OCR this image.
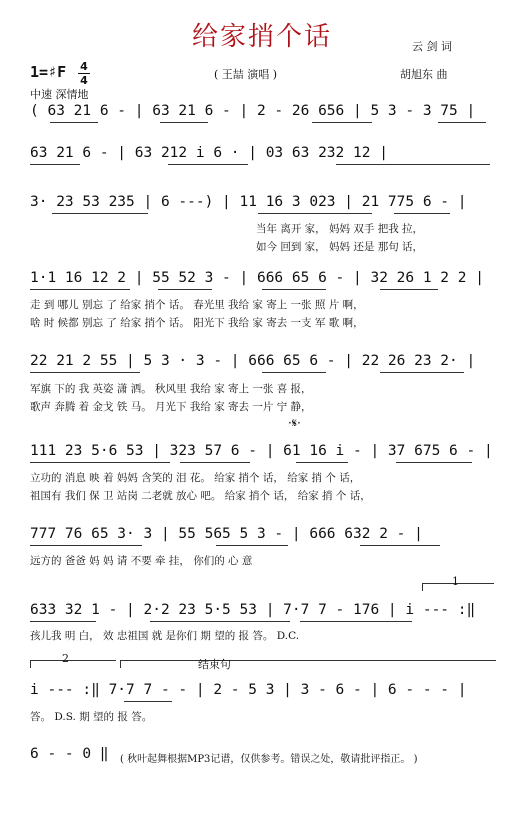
给家捎个话	云 剑 词
胡旭东 曲
( 王喆 演唱 )
1=♯F 4
4
中速 深情地
( 63 21 6 - | 63 21 6 - | 2 - 26 656 | 5 3 - 3 75 |
63 21 6 - | 63 212 i 6 · | 03 63 232 12 |
3· 23 53 235 | 6 ---) | 11 16 3 023 | 21 775 6 - |
当年 离开 家， 妈妈 双手 把我 拉，
如今 回到 家， 妈妈 还是 那句 话，
1·1 16 12 2 | 55 52 3 - | 666 65 6 - | 32 26 1 2 2 |
走 到 哪儿 别忘 了 给家 捎个 话。 春光里 我给 家 寄上 一张 照 片 啊，
啥 时 候都 别忘 了 给家 捎个 话。 阳光下 我给 家 寄去 一支 军 歌 啊，
22 21 2 55 | 5 3 · 3 - | 666 65 6 - | 22 26 23 2· |
军旗 下的 我 英姿 潇 洒。 秋风里 我给 家 寄上 一张 喜 报，
歌声 奔腾 着 金戈 铁 马。 月光下 我给 家 寄去 一片 宁 静，
·𝄋·
111 23 5·6 53 | 323 57 6 - | 61 16 i - | 37 675 6 - |
立功的 消息 映 着 妈妈 含笑的 泪 花。 给家 捎个 话， 给家 捎 个 话，
祖国有 我们 保 卫 站岗 二老就 放心 吧。 给家 捎个 话， 给家 捎 个 话，
777 76 65 3· 3 | 55 565 5 3 - | 666 632 2 - |
远方的 爸爸 妈 妈 请 不要 牵 挂， 你们的 心 意
1
633 32 1 - | 2·2 23 5·5 53 | 7·7 7 - 176 | i --- :‖
孩儿我 明 白， 效 忠祖国 就 是你们 期 望的 报 答。 D.C.
2	结束句
i --- :‖ 7·7 7 - - | 2 - 5 3 | 3 - 6 - | 6 - - - |
答。 D.S. 期 望的 报 答。
6 - - 0 ‖ ( 秋叶起舞根据MP3记谱，仅供参考。错误之处，敬请批评指正。 )
